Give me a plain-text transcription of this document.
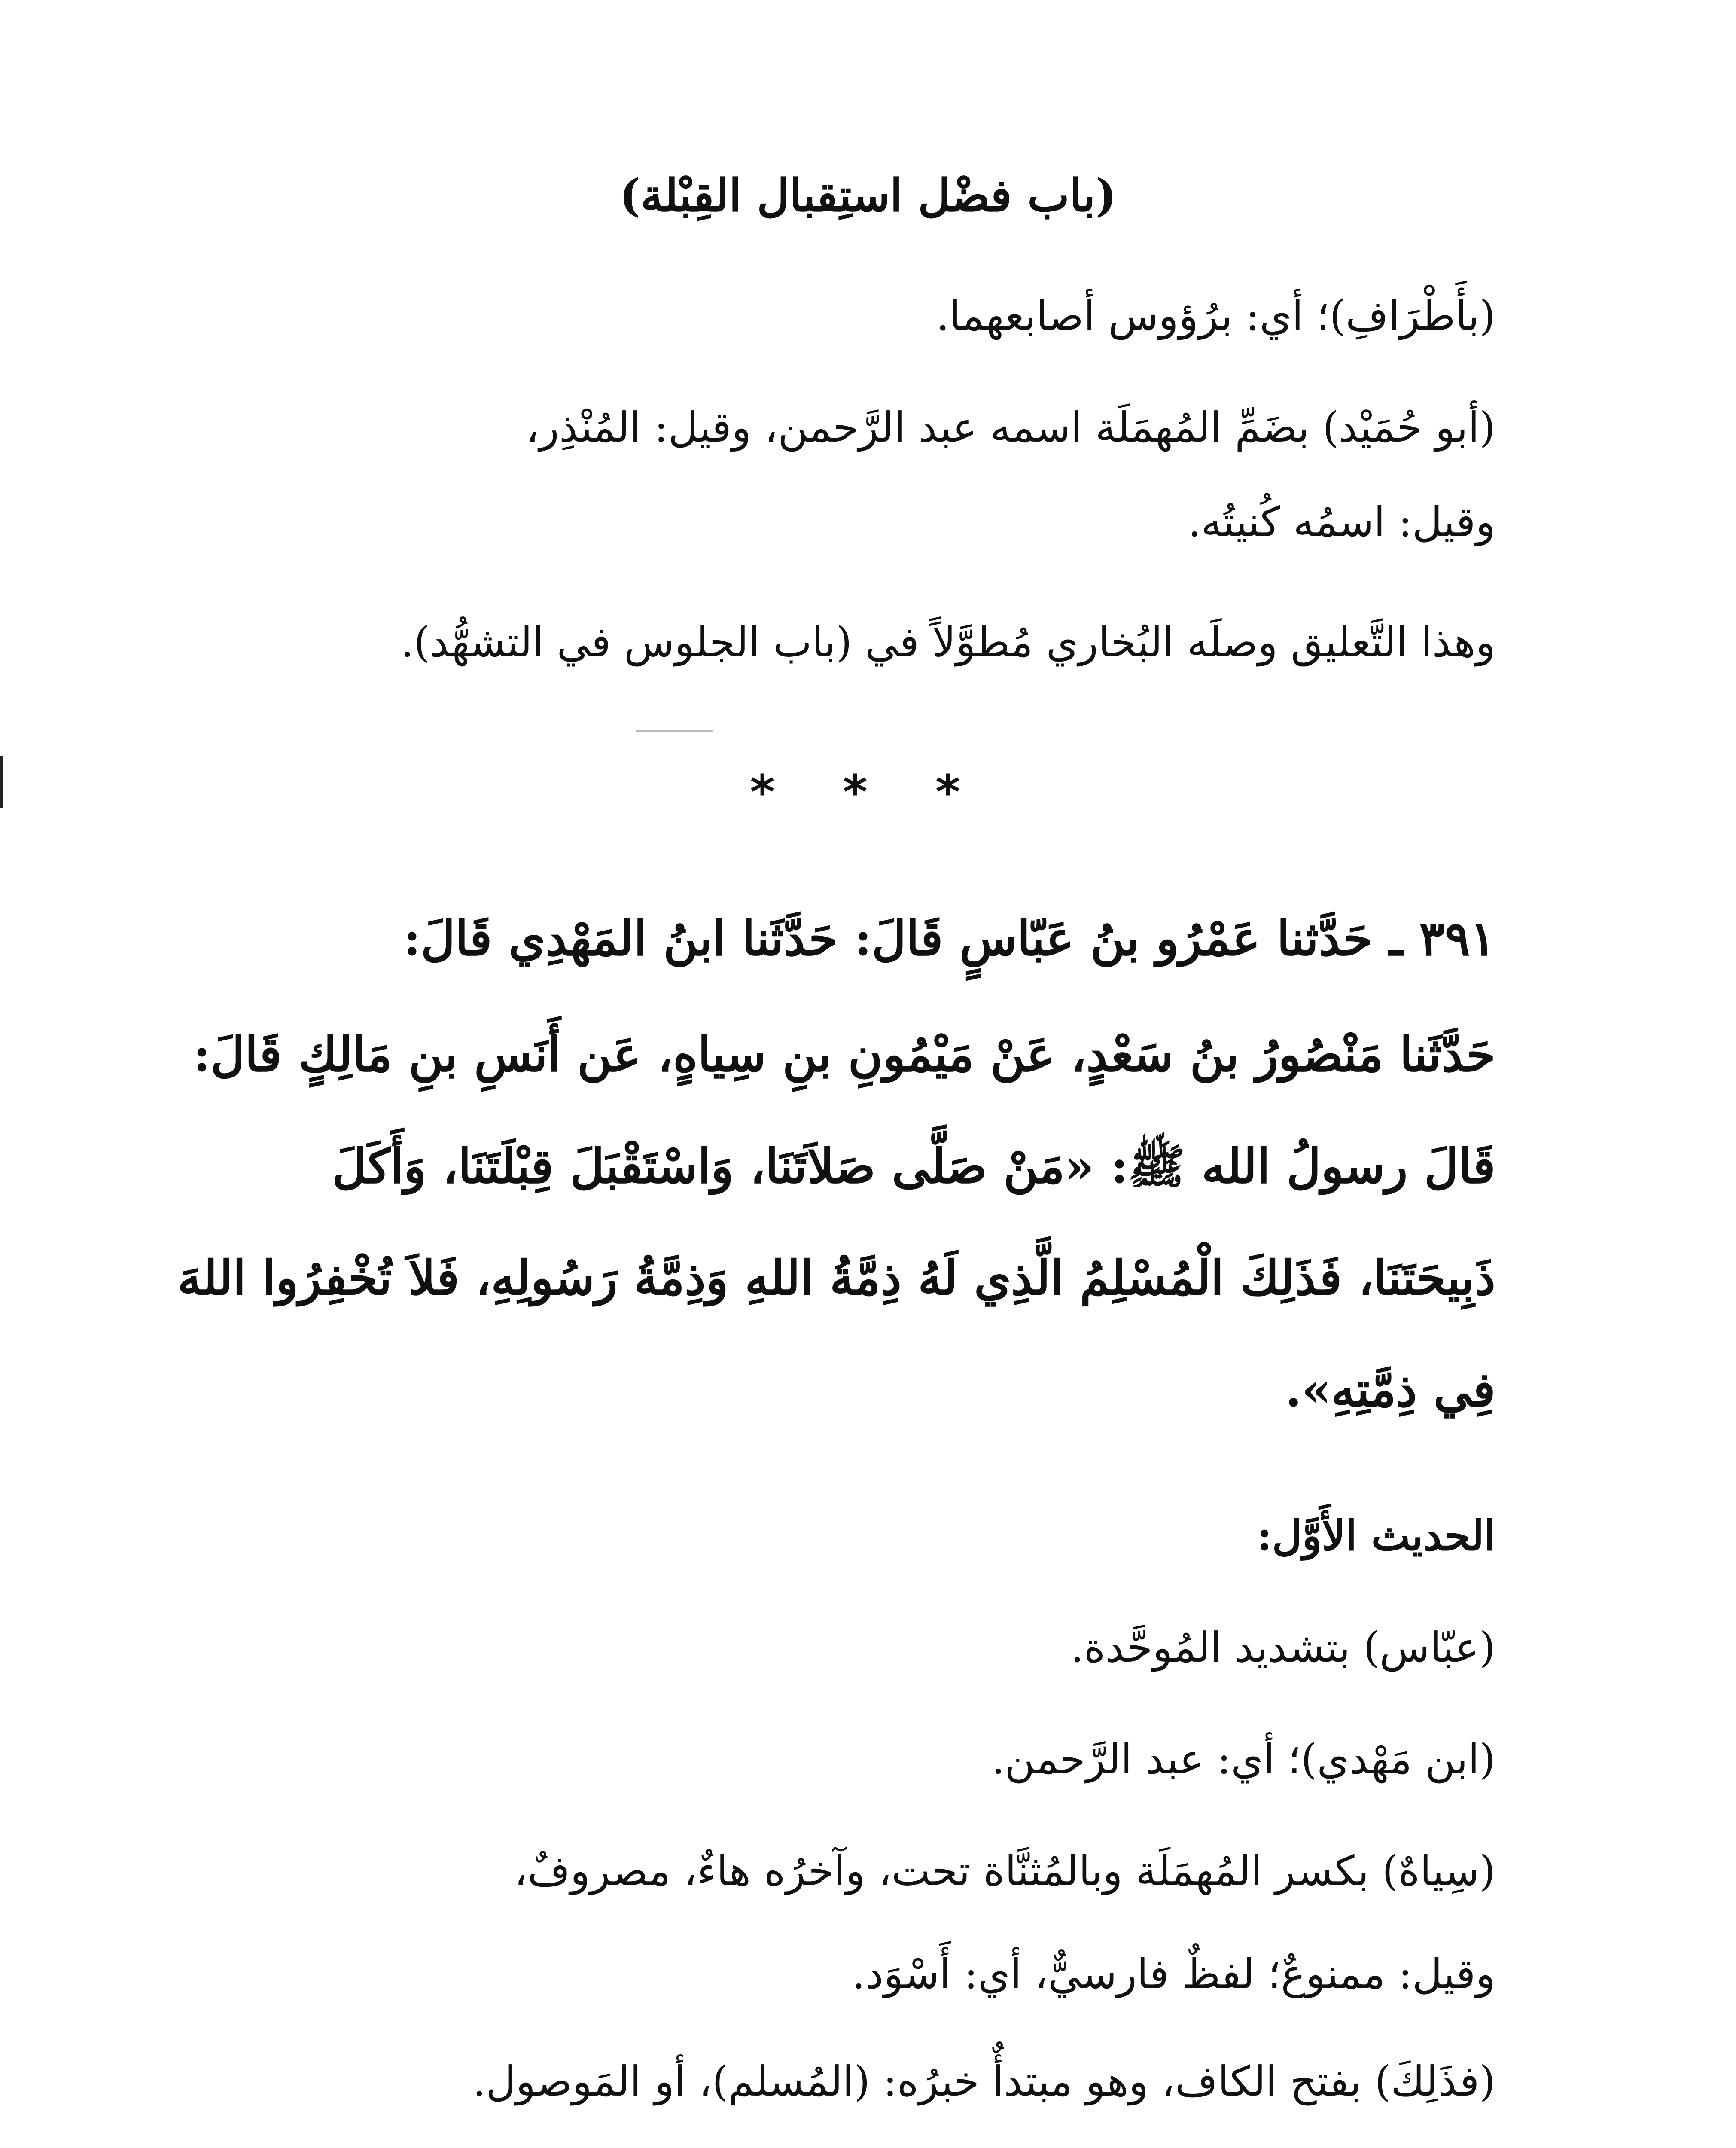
(باب فضْل استِقبال القِبْلة)

(بأَطْرَافِ)؛ أي: برُؤوس أصابعهما.

(أبو حُمَيْد) بضَمِّ المُهمَلَة اسمه عبد الرَّحمن، وقيل: المُنْذِر،

وقيل: اسمُه كُنيتُه.

وهذا التَّعليق وصلَه البُخاري مُطوَّلاً في (باب الجلوس في التشهُّد).

* * *

٣٩١ ـ حَدَّثنا عَمْرُو بنُ عَبّاسٍ قَالَ: حَدَّثَنا ابنُ المَهْدِي قَالَ:

حَدَّثَنا مَنْصُورُ بنُ سَعْدٍ، عَنْ مَيْمُونِ بنِ سِياهٍ، عَن أَنَسِ بنِ مَالِكٍ قَالَ:

قَالَ رسولُ الله ﷺ: «مَنْ صَلَّى صَلاَتَنَا، وَاسْتَقْبَلَ قِبْلَتَنَا، وَأَكَلَ

ذَبِيحَتَنَا، فَذَلِكَ الْمُسْلِمُ الَّذِي لَهُ ذِمَّةُ اللهِ وَذِمَّةُ رَسُولِهِ، فَلاَ تُخْفِرُوا اللهَ

فِي ذِمَّتِهِ».

الحديث الأَوَّل:

(عبّاس) بتشديد المُوحَّدة.

(ابن مَهْدي)؛ أي: عبد الرَّحمن.

(سِياهٌ) بكسر المُهمَلَة وبالمُثنَّاة تحت، وآخرُه هاءٌ، مصروفٌ،

وقيل: ممنوعٌ؛ لفظٌ فارسيٌّ، أي: أَسْوَد.

(فذَلِكَ) بفتح الكاف، وهو مبتدأٌ خبرُه: (المُسلم)، أو المَوصول.
